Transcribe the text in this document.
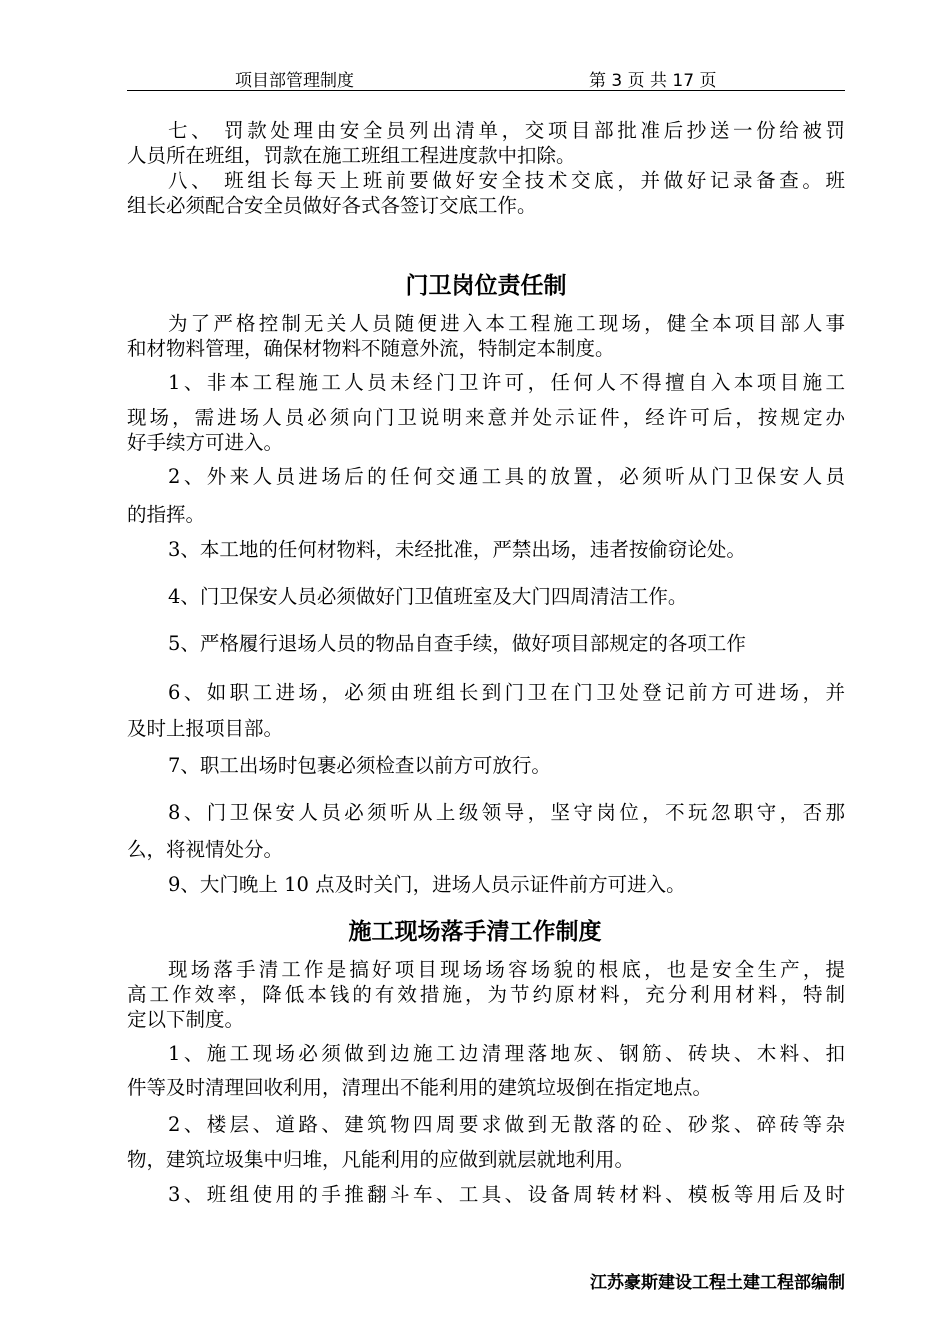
项目部管理制度	第 3 页 共 17 页
七、 罚款处理由安全员列出清单，交项目部批准后抄送一份给被罚
人员所在班组，罚款在施工班组工程进度款中扣除。
八、 班组长每天上班前要做好安全技术交底，并做好记录备查。班
组长必须配合安全员做好各式各签订交底工作。
门卫岗位责任制
为了严格控制无关人员随便进入本工程施工现场，健全本项目部人事
和材物料管理，确保材物料不随意外流，特制定本制度。
1、非本工程施工人员未经门卫许可，任何人不得擅自入本项目施工
现场，需进场人员必须向门卫说明来意并处示证件，经许可后，按规定办
好手续方可进入。
2、外来人员进场后的任何交通工具的放置，必须听从门卫保安人员
的指挥。
3、本工地的任何材物料，未经批准，严禁出场，违者按偷窃论处。
4、门卫保安人员必须做好门卫值班室及大门四周清洁工作。
5、严格履行退场人员的物品自查手续，做好项目部规定的各项工作
6、如职工进场，必须由班组长到门卫在门卫处登记前方可进场，并
及时上报项目部。
7、职工出场时包裹必须检查以前方可放行。
8、门卫保安人员必须听从上级领导，坚守岗位，不玩忽职守，否那
么，将视情处分。
9、大门晚上 10 点及时关门，进场人员示证件前方可进入。
施工现场落手清工作制度
现场落手清工作是搞好项目现场场容场貌的根底，也是安全生产，提
高工作效率，降低本钱的有效措施，为节约原材料，充分利用材料，特制
定以下制度。
1、施工现场必须做到边施工边清理落地灰、钢筋、砖块、木料、扣
件等及时清理回收利用，清理出不能利用的建筑垃圾倒在指定地点。
2、楼层、道路、建筑物四周要求做到无散落的砼、砂浆、碎砖等杂
物，建筑垃圾集中归堆，凡能利用的应做到就层就地利用。
3、班组使用的手推翻斗车、工具、设备周转材料、模板等用后及时
江苏豪斯建设工程土建工程部编制
